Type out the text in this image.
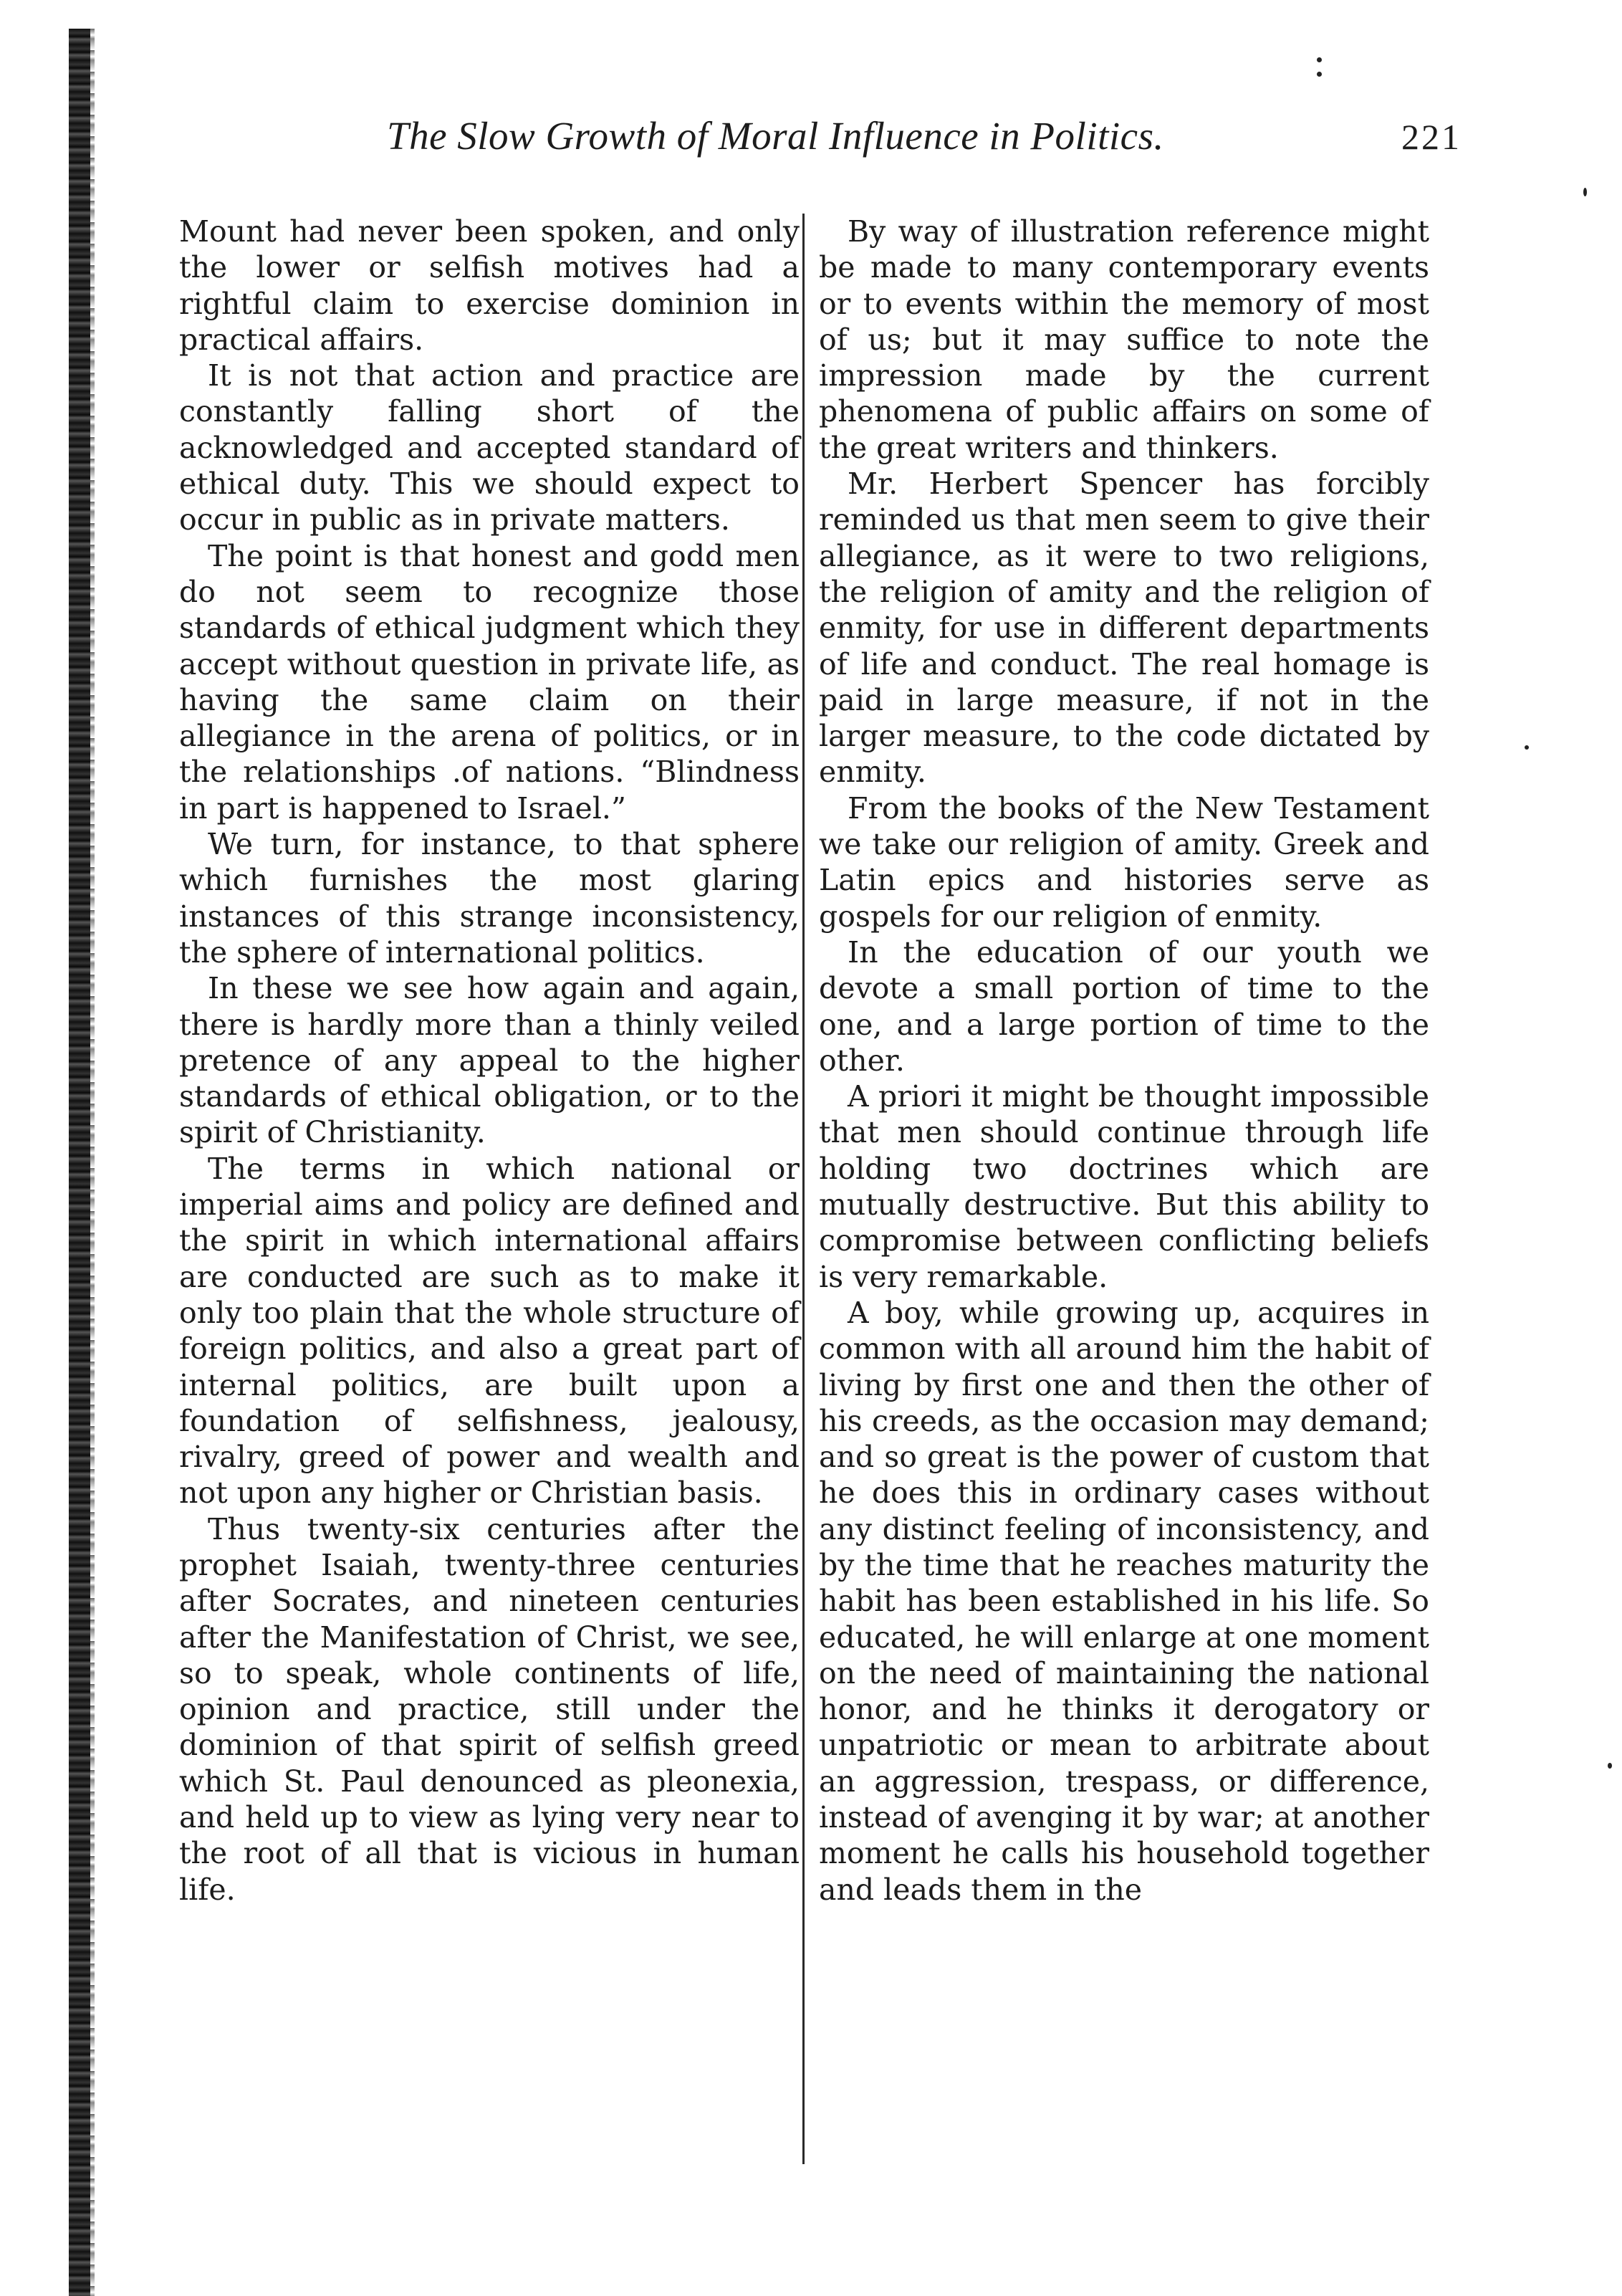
The Slow Growth of Moral Influence in Politics.	221

Mount had never been spoken, and only the lower or selfish motives had a rightful claim to exercise dominion in practical affairs.

It is not that action and practice are constantly falling short of the acknowledged and accepted standard of ethical duty. This we should expect to occur in public as in private matters.

The point is that honest and godd men do not seem to recognize those standards of ethical judgment which they accept without question in private life, as having the same claim on their allegiance in the arena of politics, or in the relationships .of nations. “Blindness in part is happened to Israel.”

We turn, for instance, to that sphere which furnishes the most glaring instances of this strange inconsistency, the sphere of international politics.

In these we see how again and again, there is hardly more than a thinly veiled pretence of any appeal to the higher standards of ethical obligation, or to the spirit of Christianity.

The terms in which national or imperial aims and policy are defined and the spirit in which international affairs are conducted are such as to make it only too plain that the whole structure of foreign politics, and also a great part of internal politics, are built upon a foundation of selfishness, jealousy, rivalry, greed of power and wealth and not upon any higher or Christian basis.

Thus twenty-six centuries after the prophet Isaiah, twenty-three centuries after Socrates, and nineteen centuries after the Manifestation of Christ, we see, so to speak, whole continents of life, opinion and practice, still under the dominion of that spirit of selfish greed which St. Paul denounced as pleonexia, and held up to view as lying very near to the root of all that is vicious in human life.

By way of illustration reference might be made to many contemporary events or to events within the memory of most of us; but it may suffice to note the impression made by the current phenomena of public affairs on some of the great writers and thinkers.

Mr. Herbert Spencer has forcibly reminded us that men seem to give their allegiance, as it were to two religions, the religion of amity and the religion of enmity, for use in different departments of life and conduct. The real homage is paid in large measure, if not in the larger measure, to the code dictated by enmity.

From the books of the New Testament we take our religion of amity. Greek and Latin epics and histories serve as gospels for our religion of enmity.

In the education of our youth we devote a small portion of time to the one, and a large portion of time to the other.

A priori it might be thought impossible that men should continue through life holding two doctrines which are mutually destructive. But this ability to compromise between conflicting beliefs is very remarkable.

A boy, while growing up, acquires in common with all around him the habit of living by first one and then the other of his creeds, as the occasion may demand; and so great is the power of custom that he does this in ordinary cases without any distinct feeling of inconsistency, and by the time that he reaches maturity the habit has been established in his life. So educated, he will enlarge at one moment on the need of maintaining the national honor, and he thinks it derogatory or unpatriotic or mean to arbitrate about an aggression, trespass, or difference, instead of avenging it by war; at another moment he calls his household together and leads them in the
